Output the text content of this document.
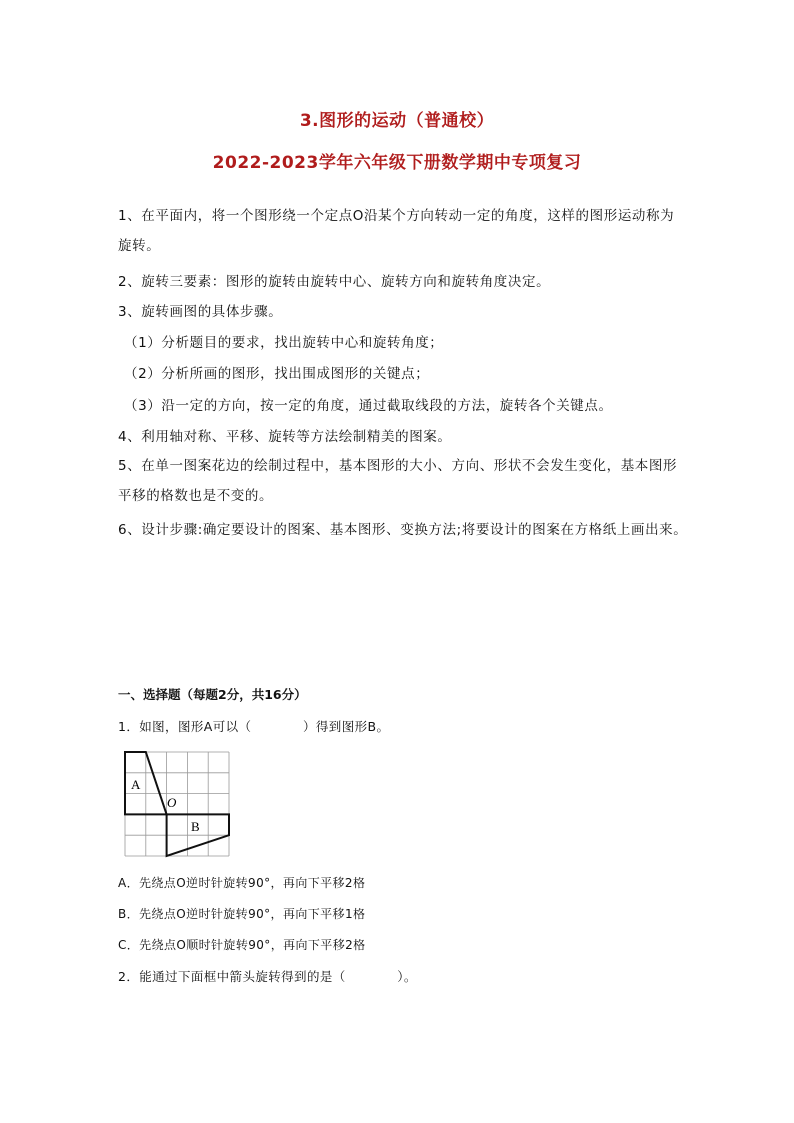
3.图形的运动（普通校）
2022-2023学年六年级下册数学期中专项复习
1、在平面内，将一个图形绕一个定点O沿某个方向转动一定的角度，这样的图形运动称为旋转。
2、旋转三要素：图形的旋转由旋转中心、旋转方向和旋转角度决定。
3、旋转画图的具体步骤。
（1）分析题目的要求，找出旋转中心和旋转角度；
（2）分析所画的图形，找出围成图形的关键点；
（3）沿一定的方向，按一定的角度，通过截取线段的方法，旋转各个关键点。
4、利用轴对称、平移、旋转等方法绘制精美的图案。
5、在单一图案花边的绘制过程中，基本图形的大小、方向、形状不会发生变化，基本图形平移的格数也是不变的。
6、设计步骤:确定要设计的图案、基本图形、变换方法;将要设计的图案在方格纸上画出来。
一、选择题（每题2分，共16分）
1．如图，图形A可以（　　　　）得到图形B。
A
B
O
A．先绕点O逆时针旋转90°，再向下平移2格
B．先绕点O逆时针旋转90°，再向下平移1格
C．先绕点O顺时针旋转90°，再向下平移2格
2．能通过下面框中箭头旋转得到的是（　　　　）。
